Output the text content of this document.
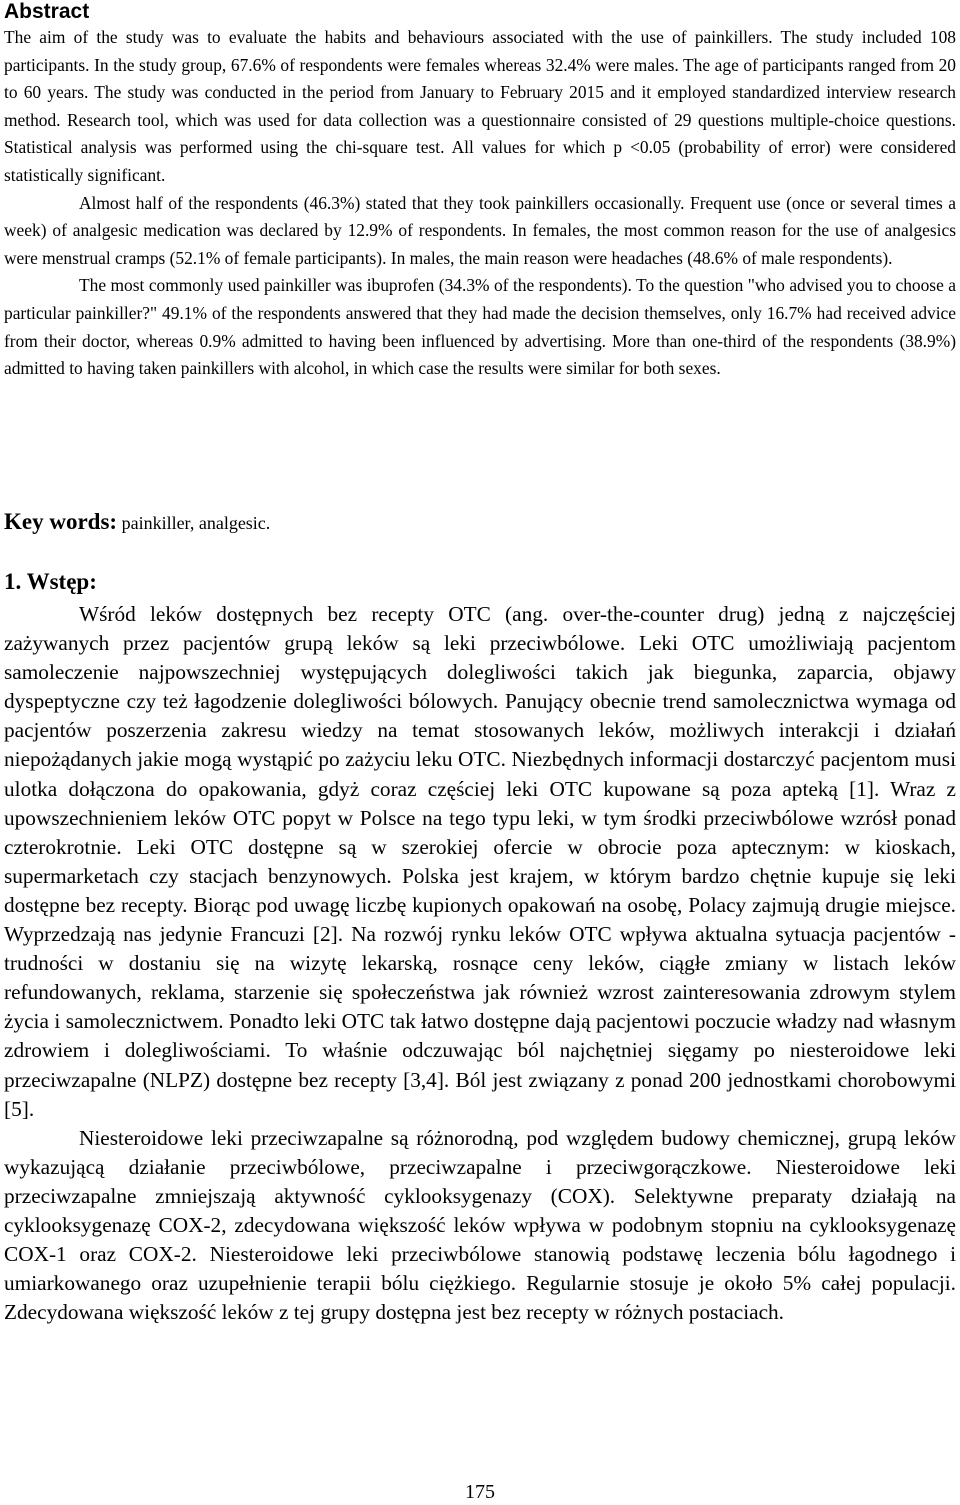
Abstract

The aim of the study was to evaluate the habits and behaviours associated with the use of painkillers. The study included 108 participants. In the study group, 67.6% of respondents were females whereas 32.4% were males. The age of participants ranged from 20 to 60 years. The study was conducted in the period from January to February 2015 and it employed standardized interview research method. Research tool, which was used for data collection was a questionnaire consisted of 29 questions multiple-choice questions. Statistical analysis was performed using the chi-square test. All values for which p <0.05 (probability of error) were considered statistically significant.

Almost half of the respondents (46.3%) stated that they took painkillers occasionally. Frequent use (once or several times a week) of analgesic medication was declared by 12.9% of respondents. In females, the most common reason for the use of analgesics were menstrual cramps (52.1% of female participants). In males, the main reason were headaches (48.6% of male respondents).

The most commonly used painkiller was ibuprofen (34.3% of the respondents). To the question "who advised you to choose a particular painkiller?" 49.1% of the respondents answered that they had made the decision themselves, only 16.7% had received advice from their doctor, whereas 0.9% admitted to having been influenced by advertising. More than one-third of the respondents (38.9%) admitted to having taken painkillers with alcohol, in which case the results were similar for both sexes.

Key words: painkiller, analgesic.
1. Wstęp:

Wśród leków dostępnych bez recepty OTC (ang. over-the-counter drug) jedną z najczęściej zażywanych przez pacjentów grupą leków są leki przeciwbólowe. Leki OTC umożliwiają pacjentom samoleczenie najpowszechniej występujących dolegliwości takich jak biegunka, zaparcia, objawy dyspeptyczne czy też łagodzenie dolegliwości bólowych. Panujący obecnie trend samolecznictwa wymaga od pacjentów poszerzenia zakresu wiedzy na temat stosowanych leków, możliwych interakcji i działań niepożądanych jakie mogą wystąpić po zażyciu leku OTC. Niezbędnych informacji dostarczyć pacjentom musi ulotka dołączona do opakowania, gdyż coraz częściej leki OTC kupowane są poza apteką [1]. Wraz z upowszechnieniem leków OTC popyt w Polsce na tego typu leki, w tym środki przeciwbólowe wzrósł ponad czterokrotnie. Leki OTC dostępne są w szerokiej ofercie w obrocie poza aptecznym: w kioskach, supermarketach czy stacjach benzynowych. Polska jest krajem, w którym bardzo chętnie kupuje się leki dostępne bez recepty. Biorąc pod uwagę liczbę kupionych opakowań na osobę, Polacy zajmują drugie miejsce. Wyprzedzają nas jedynie Francuzi [2]. Na rozwój rynku leków OTC wpływa aktualna sytuacja pacjentów - trudności w dostaniu się na wizytę lekarską, rosnące ceny leków, ciągłe zmiany w listach leków refundowanych, reklama, starzenie się społeczeństwa jak również wzrost zainteresowania zdrowym stylem życia i samolecznictwem. Ponadto leki OTC tak łatwo dostępne dają pacjentowi poczucie władzy nad własnym zdrowiem i dolegliwościami. To właśnie odczuwając ból najchętniej sięgamy po niesteroidowe leki przeciwzapalne (NLPZ) dostępne bez recepty [3,4]. Ból jest związany z ponad 200 jednostkami chorobowymi [5].

Niesteroidowe leki przeciwzapalne są różnorodną, pod względem budowy chemicznej, grupą leków wykazującą działanie przeciwbólowe, przeciwzapalne i przeciwgorączkowe. Niesteroidowe leki przeciwzapalne zmniejszają aktywność cyklooksygenazy (COX). Selektywne preparaty działają na cyklooksygenazę COX-2, zdecydowana większość leków wpływa w podobnym stopniu na cyklooksygenazę COX-1 oraz COX-2. Niesteroidowe leki przeciwbólowe stanowią podstawę leczenia bólu łagodnego i umiarkowanego oraz uzupełnienie terapii bólu ciężkiego. Regularnie stosuje je około 5% całej populacji. Zdecydowana większość leków z tej grupy dostępna jest bez recepty w różnych postaciach.

175
